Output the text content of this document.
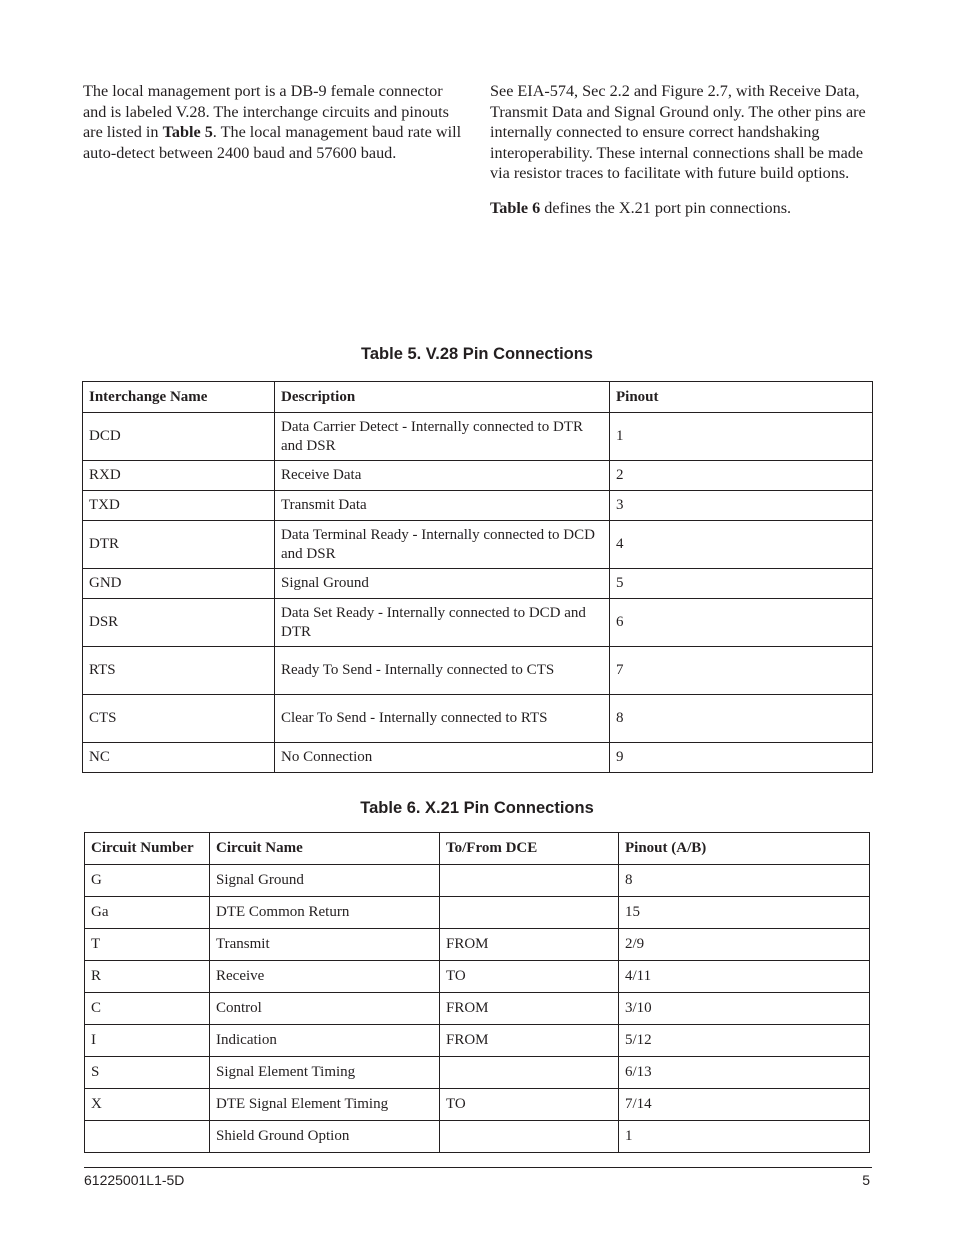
The local management port is a DB-9 female connector and is labeled V.28. The interchange circuits and pinouts are listed in Table 5. The local management baud rate will auto-detect between 2400 baud and 57600 baud.

See EIA-574, Sec 2.2 and Figure 2.7, with Receive Data, Transmit Data and Signal Ground only. The other pins are internally connected to ensure correct handshaking interoperability. These internal connections shall be made via resistor traces to facilitate with future build options.

Table 6 defines the X.21 port pin connections.

Table 5. V.28 Pin Connections
Interchange Name	Description	Pinout
DCD	Data Carrier Detect - Internally connected to DTR and DSR	1
RXD	Receive Data	2
TXD	Transmit Data	3
DTR	Data Terminal Ready - Internally connected to DCD and DSR	4
GND	Signal Ground	5
DSR	Data Set Ready - Internally connected to DCD and DTR	6
RTS	Ready To Send - Internally connected to CTS	7
CTS	Clear To Send - Internally connected to RTS	8
NC	No Connection	9
Table 6. X.21 Pin Connections
Circuit Number	Circuit Name	To/From DCE	Pinout (A/B)
G	Signal Ground		8
Ga	DTE Common Return		15
T	Transmit	FROM	2/9
R	Receive	TO	4/11
C	Control	FROM	3/10
I	Indication	FROM	5/12
S	Signal Element Timing		6/13
X	DTE Signal Element Timing	TO	7/14
	Shield Ground Option		1
61225001L1-5D	5
